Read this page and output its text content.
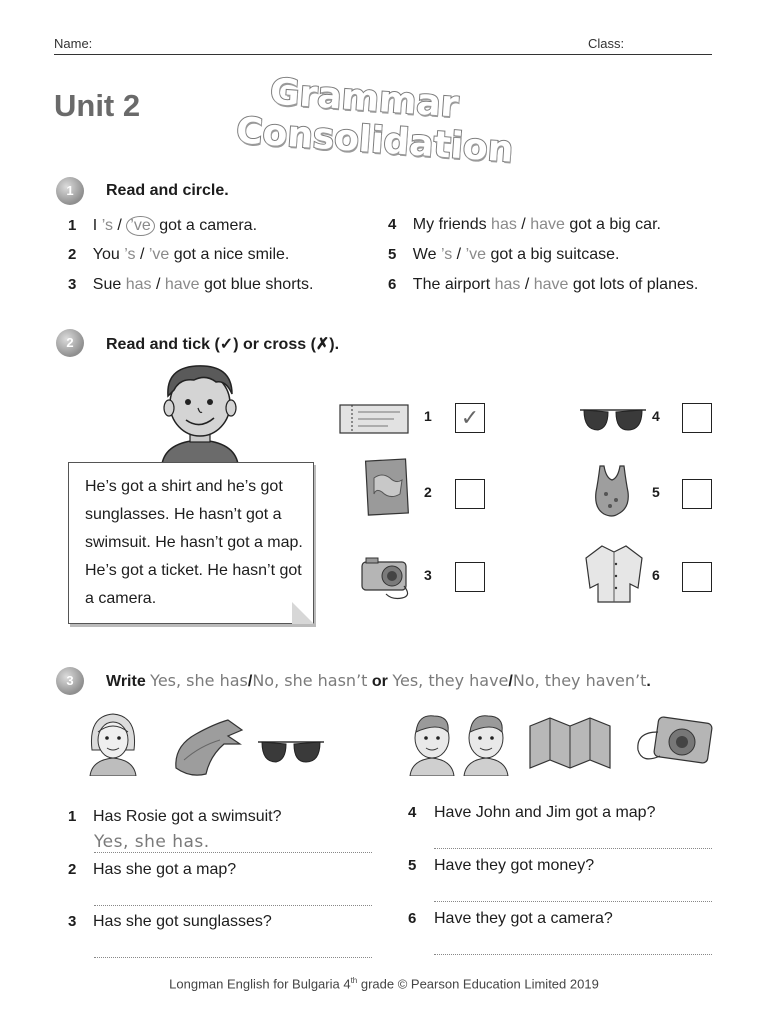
Name:	Class:
Unit 2	Grammar
Consolidation
1	Read and circle.
1 I ’s / ’ve got a camera.
2 You ’s / ’ve got a nice smile.
3 Sue has / have got blue shorts.
4 My friends has / have got a big car.
5 We ’s / ’ve got a big suitcase.
6 The airport has / have got lots of planes.
2	Read and tick (✓) or cross (✗).
He’s got a shirt and he’s got sunglasses. He hasn’t got a swimsuit. He hasn’t got a map. He’s got a ticket. He hasn’t got a camera.
1 ✓
2
3
4
5
6
3	Write Yes, she has/No, she hasn’t or Yes, they have/No, they haven’t.
1 Has Rosie got a swimsuit?
Yes, she has.
2 Has she got a map?
3 Has she got sunglasses?
4 Have John and Jim got a map?
5 Have they got money?
6 Have they got a camera?
Longman English for Bulgaria 4th grade © Pearson Education Limited 2019
